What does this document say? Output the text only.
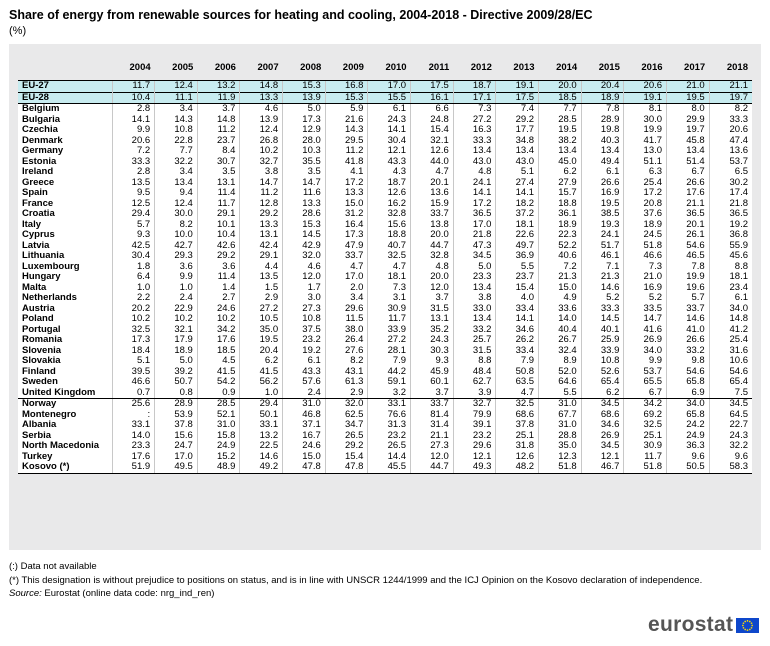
Share of energy from renewable sources for heating and cooling, 2004-2018 - Directive 2009/28/EC
(%)
	2004	2005	2006	2007	2008	2009	2010	2011	2012	2013	2014	2015	2016	2017	2018
EU-27	11.7	12.4	13.2	14.8	15.3	16.8	17.0	17.5	18.7	19.1	20.0	20.4	20.6	21.0	21.1
EU-28	10.4	11.1	11.9	13.3	13.9	15.3	15.5	16.1	17.1	17.5	18.5	18.9	19.1	19.5	19.7
Belgium	2.8	3.4	3.7	4.6	5.0	5.9	6.1	6.6	7.3	7.4	7.7	7.8	8.1	8.0	8.2
Bulgaria	14.1	14.3	14.8	13.9	17.3	21.6	24.3	24.8	27.2	29.2	28.5	28.9	30.0	29.9	33.3
Czechia	9.9	10.8	11.2	12.4	12.9	14.3	14.1	15.4	16.3	17.7	19.5	19.8	19.9	19.7	20.6
Denmark	20.6	22.8	23.7	26.8	28.0	29.5	30.4	32.1	33.3	34.8	38.2	40.3	41.7	45.8	47.4
Germany	7.2	7.7	8.4	10.2	10.3	11.2	12.1	12.6	13.4	13.4	13.4	13.4	13.0	13.4	13.6
Estonia	33.3	32.2	30.7	32.7	35.5	41.8	43.3	44.0	43.0	43.0	45.0	49.4	51.1	51.4	53.7
Ireland	2.8	3.4	3.5	3.8	3.5	4.1	4.3	4.7	4.8	5.1	6.2	6.1	6.3	6.7	6.5
Greece	13.5	13.4	13.1	14.7	14.7	17.2	18.7	20.1	24.1	27.4	27.9	26.6	25.4	26.6	30.2
Spain	9.5	9.4	11.4	11.2	11.6	13.3	12.6	13.6	14.1	14.1	15.7	16.9	17.2	17.6	17.4
France	12.5	12.4	11.7	12.8	13.3	15.0	16.2	15.9	17.2	18.2	18.8	19.5	20.8	21.1	21.8
Croatia	29.4	30.0	29.1	29.2	28.6	31.2	32.8	33.7	36.5	37.2	36.1	38.5	37.6	36.5	36.5
Italy	5.7	8.2	10.1	13.3	15.3	16.4	15.6	13.8	17.0	18.1	18.9	19.3	18.9	20.1	19.2
Cyprus	9.3	10.0	10.4	13.1	14.5	17.3	18.8	20.0	21.8	22.6	22.3	24.1	24.5	26.1	36.8
Latvia	42.5	42.7	42.6	42.4	42.9	47.9	40.7	44.7	47.3	49.7	52.2	51.7	51.8	54.6	55.9
Lithuania	30.4	29.3	29.2	29.1	32.0	33.7	32.5	32.8	34.5	36.9	40.6	46.1	46.6	46.5	45.6
Luxembourg	1.8	3.6	3.6	4.4	4.6	4.7	4.7	4.8	5.0	5.5	7.2	7.1	7.3	7.8	8.8
Hungary	6.4	9.9	11.4	13.5	12.0	17.0	18.1	20.0	23.3	23.7	21.3	21.3	21.0	19.9	18.1
Malta	1.0	1.0	1.4	1.5	1.7	2.0	7.3	12.0	13.4	15.4	15.0	14.6	16.9	19.6	23.4
Netherlands	2.2	2.4	2.7	2.9	3.0	3.4	3.1	3.7	3.8	4.0	4.9	5.2	5.2	5.7	6.1
Austria	20.2	22.9	24.6	27.2	27.3	29.6	30.9	31.5	33.0	33.4	33.6	33.3	33.5	33.7	34.0
Poland	10.2	10.2	10.2	10.5	10.8	11.5	11.7	13.1	13.4	14.1	14.0	14.5	14.7	14.6	14.8
Portugal	32.5	32.1	34.2	35.0	37.5	38.0	33.9	35.2	33.2	34.6	40.4	40.1	41.6	41.0	41.2
Romania	17.3	17.9	17.6	19.5	23.2	26.4	27.2	24.3	25.7	26.2	26.7	25.9	26.9	26.6	25.4
Slovenia	18.4	18.9	18.5	20.4	19.2	27.6	28.1	30.3	31.5	33.4	32.4	33.9	34.0	33.2	31.6
Slovakia	5.1	5.0	4.5	6.2	6.1	8.2	7.9	9.3	8.8	7.9	8.9	10.8	9.9	9.8	10.6
Finland	39.5	39.2	41.5	41.5	43.3	43.1	44.2	45.9	48.4	50.8	52.0	52.6	53.7	54.6	54.6
Sweden	46.6	50.7	54.2	56.2	57.6	61.3	59.1	60.1	62.7	63.5	64.6	65.4	65.5	65.8	65.4
United Kingdom	0.7	0.8	0.9	1.0	2.4	2.9	3.2	3.7	3.9	4.7	5.5	6.2	6.7	6.9	7.5
Norway	25.6	28.9	28.5	29.4	31.0	32.0	33.1	33.7	32.7	32.5	31.0	34.5	34.2	34.0	34.5
Montenegro	:	53.9	52.1	50.1	46.8	62.5	76.6	81.4	79.9	68.6	67.7	68.6	69.2	65.8	64.5
Albania	33.1	37.8	31.0	33.1	37.1	34.7	31.3	31.4	39.1	37.8	31.0	34.6	32.5	24.2	22.7
Serbia	14.0	15.6	15.8	13.2	16.7	26.5	23.2	21.1	23.2	25.1	28.8	26.9	25.1	24.9	24.3
North Macedonia	23.3	24.7	24.9	22.5	24.6	29.2	26.5	27.3	29.6	31.8	35.0	34.5	30.9	36.3	32.2
Turkey	17.6	17.0	15.2	14.6	15.0	15.4	14.4	12.0	12.1	12.6	12.3	12.1	11.7	9.6	9.6
Kosovo (*)	51.9	49.5	48.9	49.2	47.8	47.8	45.5	44.7	49.3	48.2	51.8	46.7	51.8	50.5	58.3
(:) Data not available
(*) This designation is without prejudice to positions on status, and is in line with UNSCR 1244/1999 and the ICJ Opinion on the Kosovo declaration of independence.
Source: Eurostat (online data code: nrg_ind_ren)
eurostat
